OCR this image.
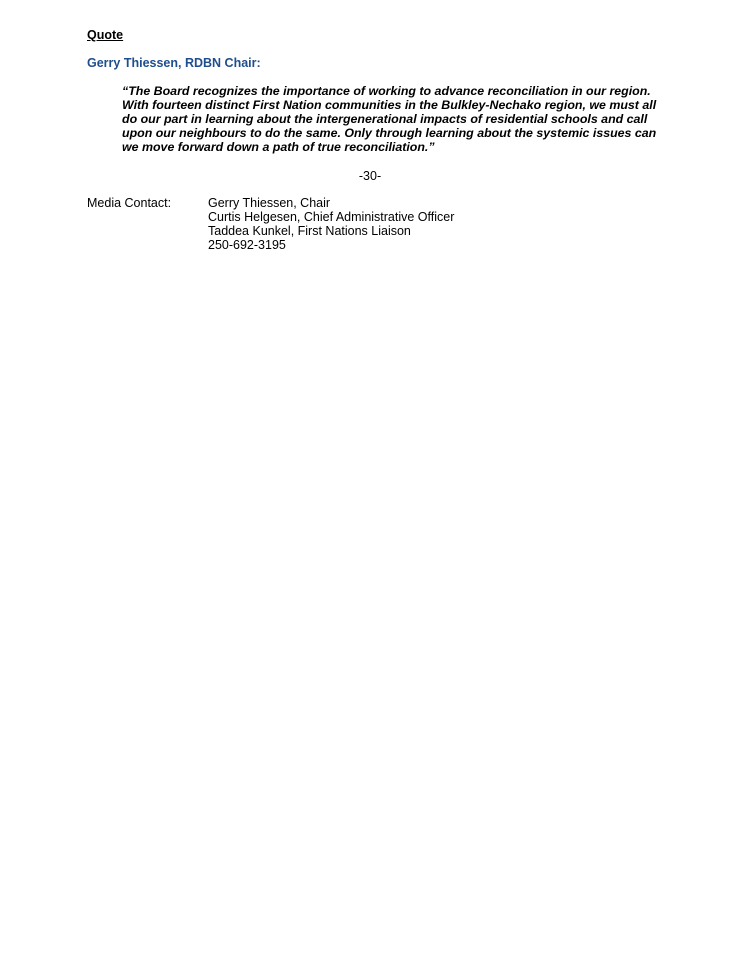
Quote
Gerry Thiessen, RDBN Chair:

“The Board recognizes the importance of working to advance reconciliation in our region.
With fourteen distinct First Nation communities in the Bulkley-Nechako region, we must all
do our part in learning about the intergenerational impacts of residential schools and call
upon our neighbours to do the same. Only through learning about the systemic issues can
we move forward down a path of true reconciliation.”

-30-
Media Contact:	Gerry Thiessen, Chair
Curtis Helgesen, Chief Administrative Officer
Taddea Kunkel, First Nations Liaison
250-692-3195
